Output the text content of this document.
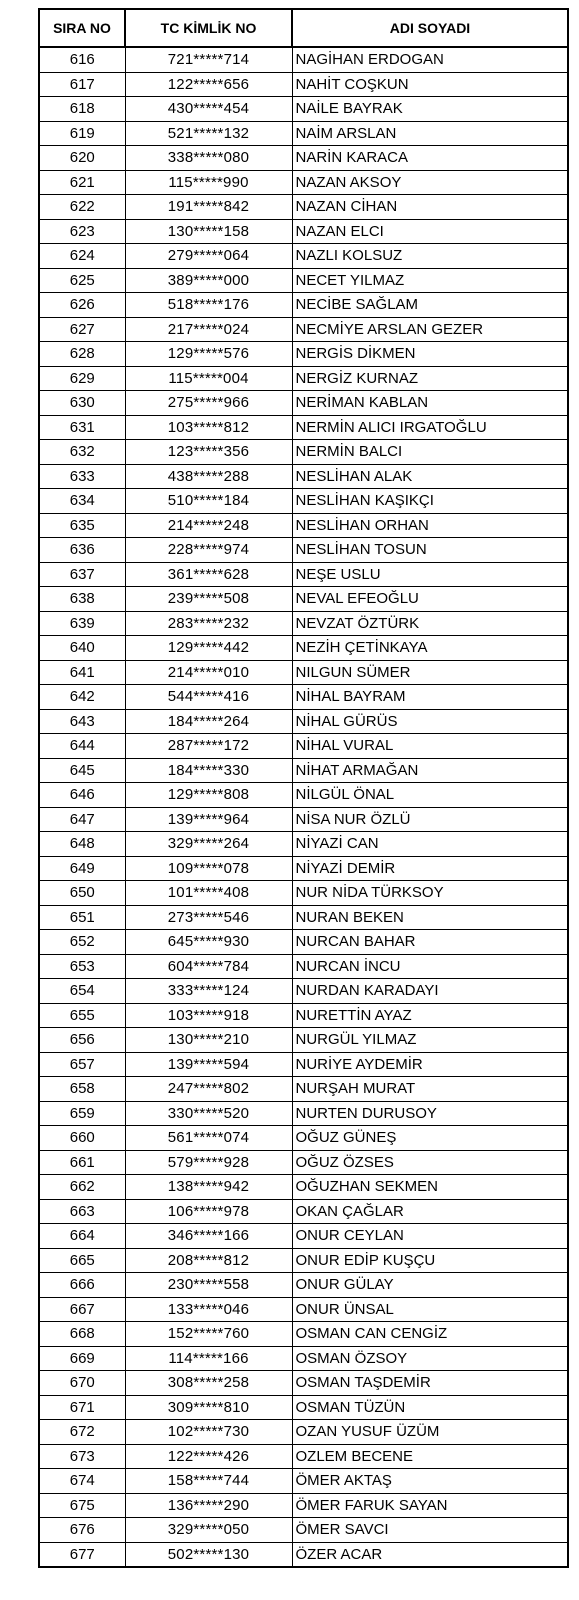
SIRA NO	TC KİMLİK NO	ADI SOYADI
616	721*****714	NAGİHAN ERDOGAN
617	122*****656	NAHİT COŞKUN
618	430*****454	NAİLE BAYRAK
619	521*****132	NAİM ARSLAN
620	338*****080	NARİN KARACA
621	115*****990	NAZAN AKSOY
622	191*****842	NAZAN CİHAN
623	130*****158	NAZAN ELCI
624	279*****064	NAZLI KOLSUZ
625	389*****000	NECET YILMAZ
626	518*****176	NECİBE SAĞLAM
627	217*****024	NECMİYE ARSLAN GEZER
628	129*****576	NERGİS DİKMEN
629	115*****004	NERGİZ KURNAZ
630	275*****966	NERİMAN KABLAN
631	103*****812	NERMİN ALICI IRGATOĞLU
632	123*****356	NERMİN BALCI
633	438*****288	NESLİHAN ALAK
634	510*****184	NESLİHAN KAŞIKÇI
635	214*****248	NESLİHAN ORHAN
636	228*****974	NESLİHAN TOSUN
637	361*****628	NEŞE USLU
638	239*****508	NEVAL EFEOĞLU
639	283*****232	NEVZAT ÖZTÜRK
640	129*****442	NEZİH ÇETİNKAYA
641	214*****010	NILGUN SÜMER
642	544*****416	NİHAL BAYRAM
643	184*****264	NİHAL GÜRÜS
644	287*****172	NİHAL VURAL
645	184*****330	NİHAT ARMAĞAN
646	129*****808	NİLGÜL ÖNAL
647	139*****964	NİSA NUR ÖZLÜ
648	329*****264	NİYAZİ CAN
649	109*****078	NİYAZİ DEMİR
650	101*****408	NUR NİDA TÜRKSOY
651	273*****546	NURAN BEKEN
652	645*****930	NURCAN BAHAR
653	604*****784	NURCAN İNCU
654	333*****124	NURDAN KARADAYI
655	103*****918	NURETTİN AYAZ
656	130*****210	NURGÜL YILMAZ
657	139*****594	NURİYE AYDEMİR
658	247*****802	NURŞAH MURAT
659	330*****520	NURTEN DURUSOY
660	561*****074	OĞUZ GÜNEŞ
661	579*****928	OĞUZ ÖZSES
662	138*****942	OĞUZHAN SEKMEN
663	106*****978	OKAN ÇAĞLAR
664	346*****166	ONUR CEYLAN
665	208*****812	ONUR EDİP KUŞÇU
666	230*****558	ONUR GÜLAY
667	133*****046	ONUR ÜNSAL
668	152*****760	OSMAN CAN CENGİZ
669	114*****166	OSMAN ÖZSOY
670	308*****258	OSMAN TAŞDEMİR
671	309*****810	OSMAN TÜZÜN
672	102*****730	OZAN YUSUF ÜZÜM
673	122*****426	OZLEM BECENE
674	158*****744	ÖMER AKTAŞ
675	136*****290	ÖMER FARUK SAYAN
676	329*****050	ÖMER SAVCI
677	502*****130	ÖZER ACAR
